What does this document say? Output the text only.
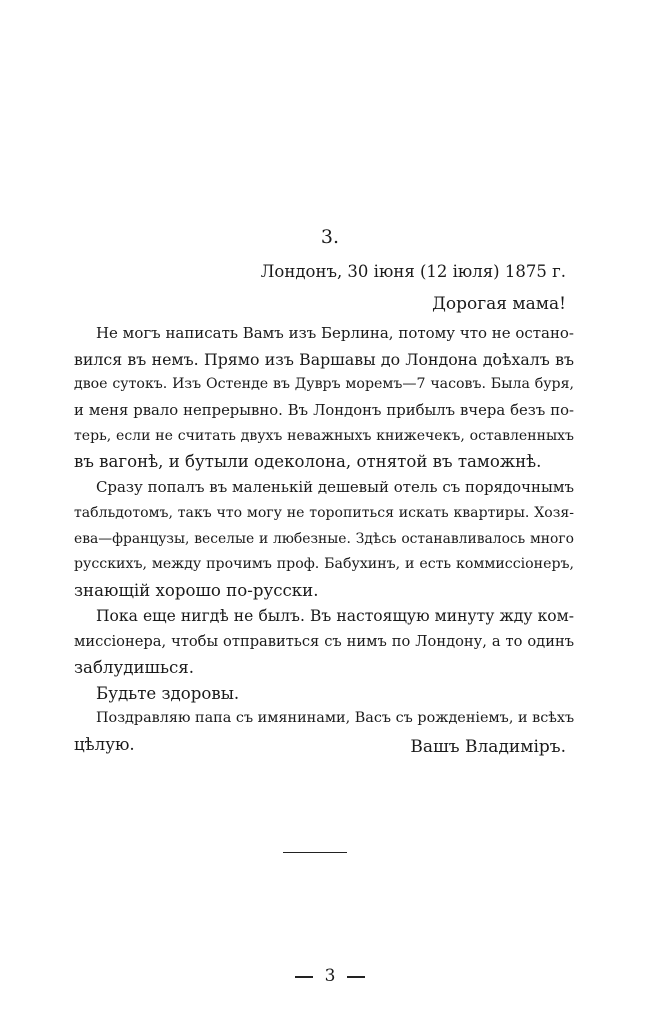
3.
Лондонъ, 30 іюня (12 іюля) 1875 г.
Дорогая мама!
Не могъ написать Вамъ изъ Берлина, потому что не остано-
вился въ немъ. Прямо изъ Варшавы до Лондона доѣхалъ въ
двое сутокъ. Изъ Остенде въ Дувръ моремъ—7 часовъ. Была буря,
и меня рвало непрерывно. Въ Лондонъ прибылъ вчера безъ по-
терь, если не считать двухъ неважныхъ книжечекъ, оставленныхъ
въ вагонѣ, и бутыли одеколона, отнятой въ таможнѣ.
Сразу попалъ въ маленькій дешевый отель съ порядочнымъ
табльдотомъ, такъ что могу не торопиться искать квартиры. Хозя-
ева—французы, веселые и любезные. Здѣсь останавливалось много
русскихъ, между прочимъ проф. Бабухинъ, и есть коммиссіонеръ,
знающій хорошо по-русски.
Пока еще нигдѣ не былъ. Въ настоящую минуту жду ком-
миссіонера, чтобы отправиться съ нимъ по Лондону, а то одинъ
заблудишься.
Будьте здоровы.
Поздравляю папа съ имянинами, Васъ съ рожденіемъ, и всѣхъ
цѣлую.	Вашъ Владиміръ.
3
